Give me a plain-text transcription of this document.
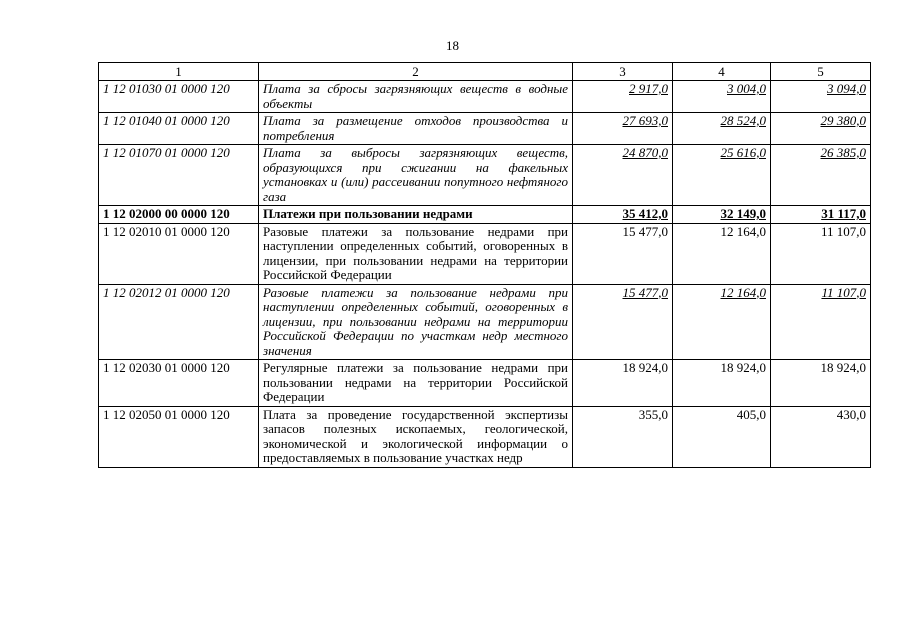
18
1	2	3	4	5
1 12 01030 01 0000 120	Плата за сбросы загрязняющих веществ в водные объекты	2 917,0	3 004,0	3 094,0
1 12 01040 01 0000 120	Плата за размещение отходов производства и потребления	27 693,0	28 524,0	29 380,0
1 12 01070 01 0000 120	Плата за выбросы загрязняющих веществ, образующихся при сжигании на факельных установках и (или) рассеивании попутного нефтяного газа	24 870,0	25 616,0	26 385,0
1 12 02000 00 0000 120	Платежи при пользовании недрами	35 412,0	32 149,0	31 117,0
1 12 02010 01 0000 120	Разовые платежи за пользование недрами при наступлении определенных событий, оговоренных в лицензии, при пользовании недрами на территории Российской Федерации	15 477,0	12 164,0	11 107,0
1 12 02012 01 0000 120	Разовые платежи за пользование недрами при наступлении определенных событий, оговоренных в лицензии, при пользовании недрами на территории Российской Федерации по участкам недр местного значения	15 477,0	12 164,0	11 107,0
1 12 02030 01 0000 120	Регулярные платежи за пользование недрами при пользовании недрами на территории Российской Федерации	18 924,0	18 924,0	18 924,0
1 12 02050 01 0000 120	Плата за проведение государственной экспертизы запасов полезных ископаемых, геологической, экономической и экологической информации о предоставляемых в пользование участках недр	355,0	405,0	430,0
